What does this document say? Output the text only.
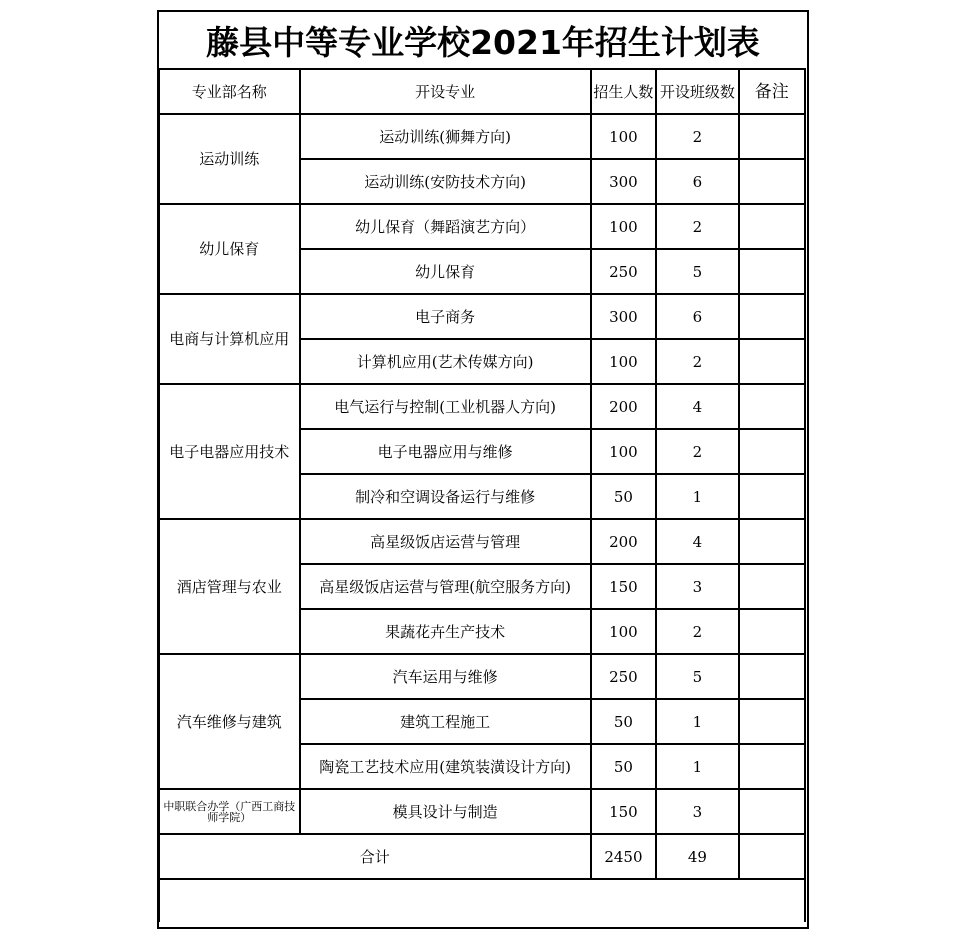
藤县中等专业学校2021年招生计划表
专业部名称	开设专业	招生人数	开设班级数	备注
运动训练	运动训练(狮舞方向)	100	2	
	运动训练(安防技术方向)	300	6	
幼儿保育	幼儿保育（舞蹈演艺方向）	100	2	
	幼儿保育	250	5	
电商与计算机应用	电子商务	300	6	
	计算机应用(艺术传媒方向)	100	2	
电子电器应用技术	电气运行与控制(工业机器人方向)	200	4	
	电子电器应用与维修	100	2	
	制冷和空调设备运行与维修	50	1	
酒店管理与农业	高星级饭店运营与管理	200	4	
	高星级饭店运营与管理(航空服务方向)	150	3	
	果蔬花卉生产技术	100	2	
汽车维修与建筑	汽车运用与维修	250	5	
	建筑工程施工	50	1	
	陶瓷工艺技术应用(建筑装潢设计方向)	50	1	
中职联合办学（广西工商技师学院）	模具设计与制造	150	3	
合计		2450	49	
